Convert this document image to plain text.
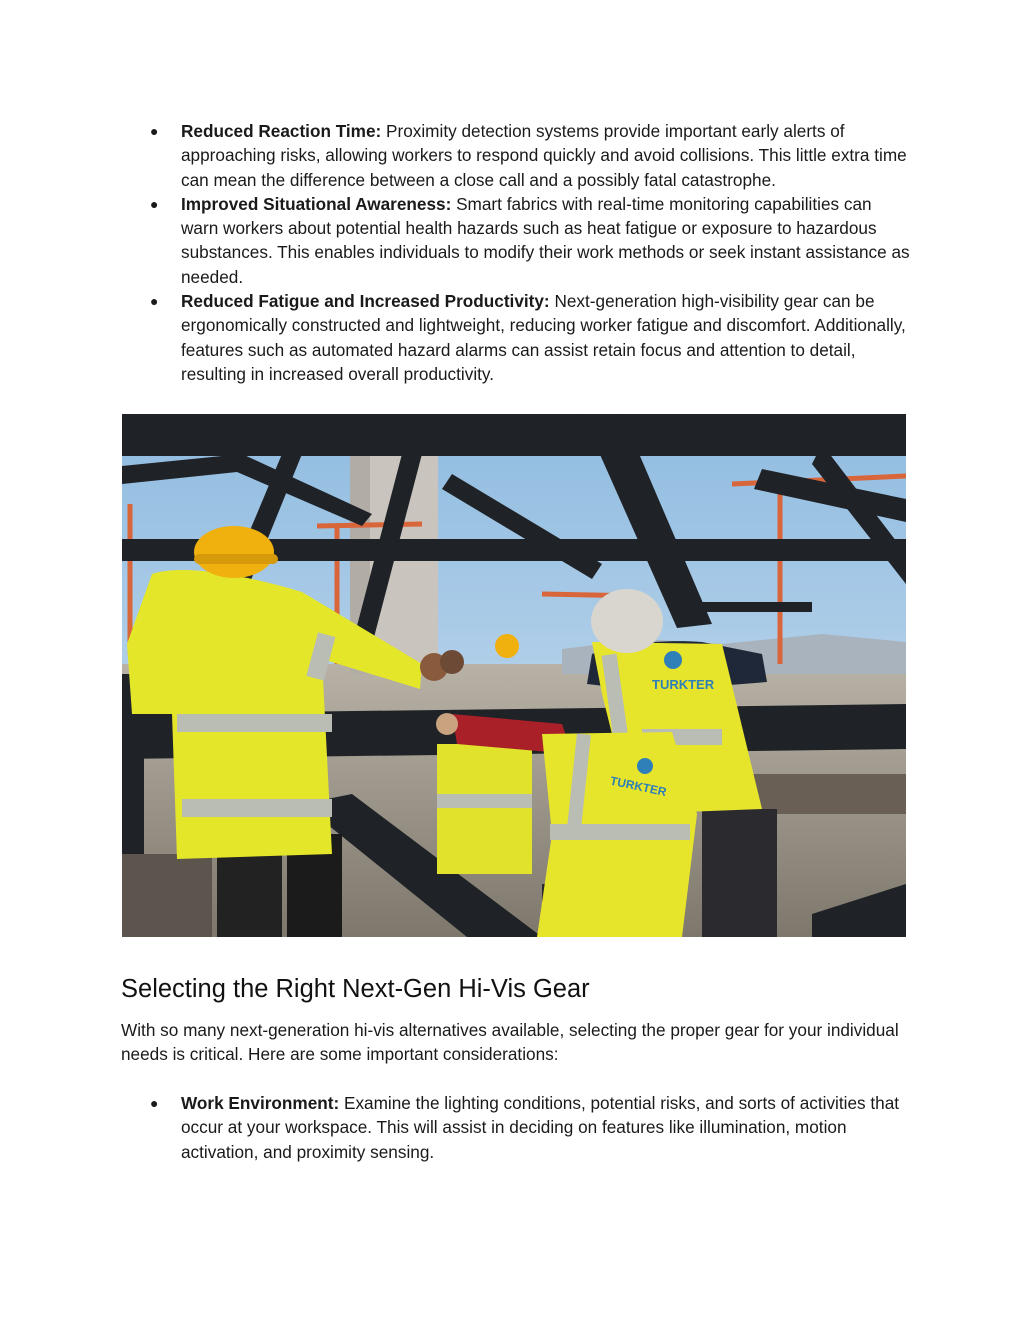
● Reduced Reaction Time: Proximity detection systems provide important early alerts of approaching risks, allowing workers to respond quickly and avoid collisions. This little extra time can mean the difference between a close call and a possibly fatal catastrophe.
● Improved Situational Awareness: Smart fabrics with real-time monitoring capabilities can warn workers about potential health hazards such as heat fatigue or exposure to hazardous substances. This enables individuals to modify their work methods or seek instant assistance as needed.
● Reduced Fatigue and Increased Productivity: Next-generation high-visibility gear can be ergonomically constructed and lightweight, reducing worker fatigue and discomfort. Additionally, features such as automated hazard alarms can assist retain focus and attention to detail, resulting in increased overall productivity.
TURKTER
TURKTER
Selecting the Right Next-Gen Hi-Vis Gear

With so many next-generation hi-vis alternatives available, selecting the proper gear for your individual needs is critical. Here are some important considerations:

● Work Environment: Examine the lighting conditions, potential risks, and sorts of activities that occur at your workspace. This will assist in deciding on features like illumination, motion activation, and proximity sensing.
